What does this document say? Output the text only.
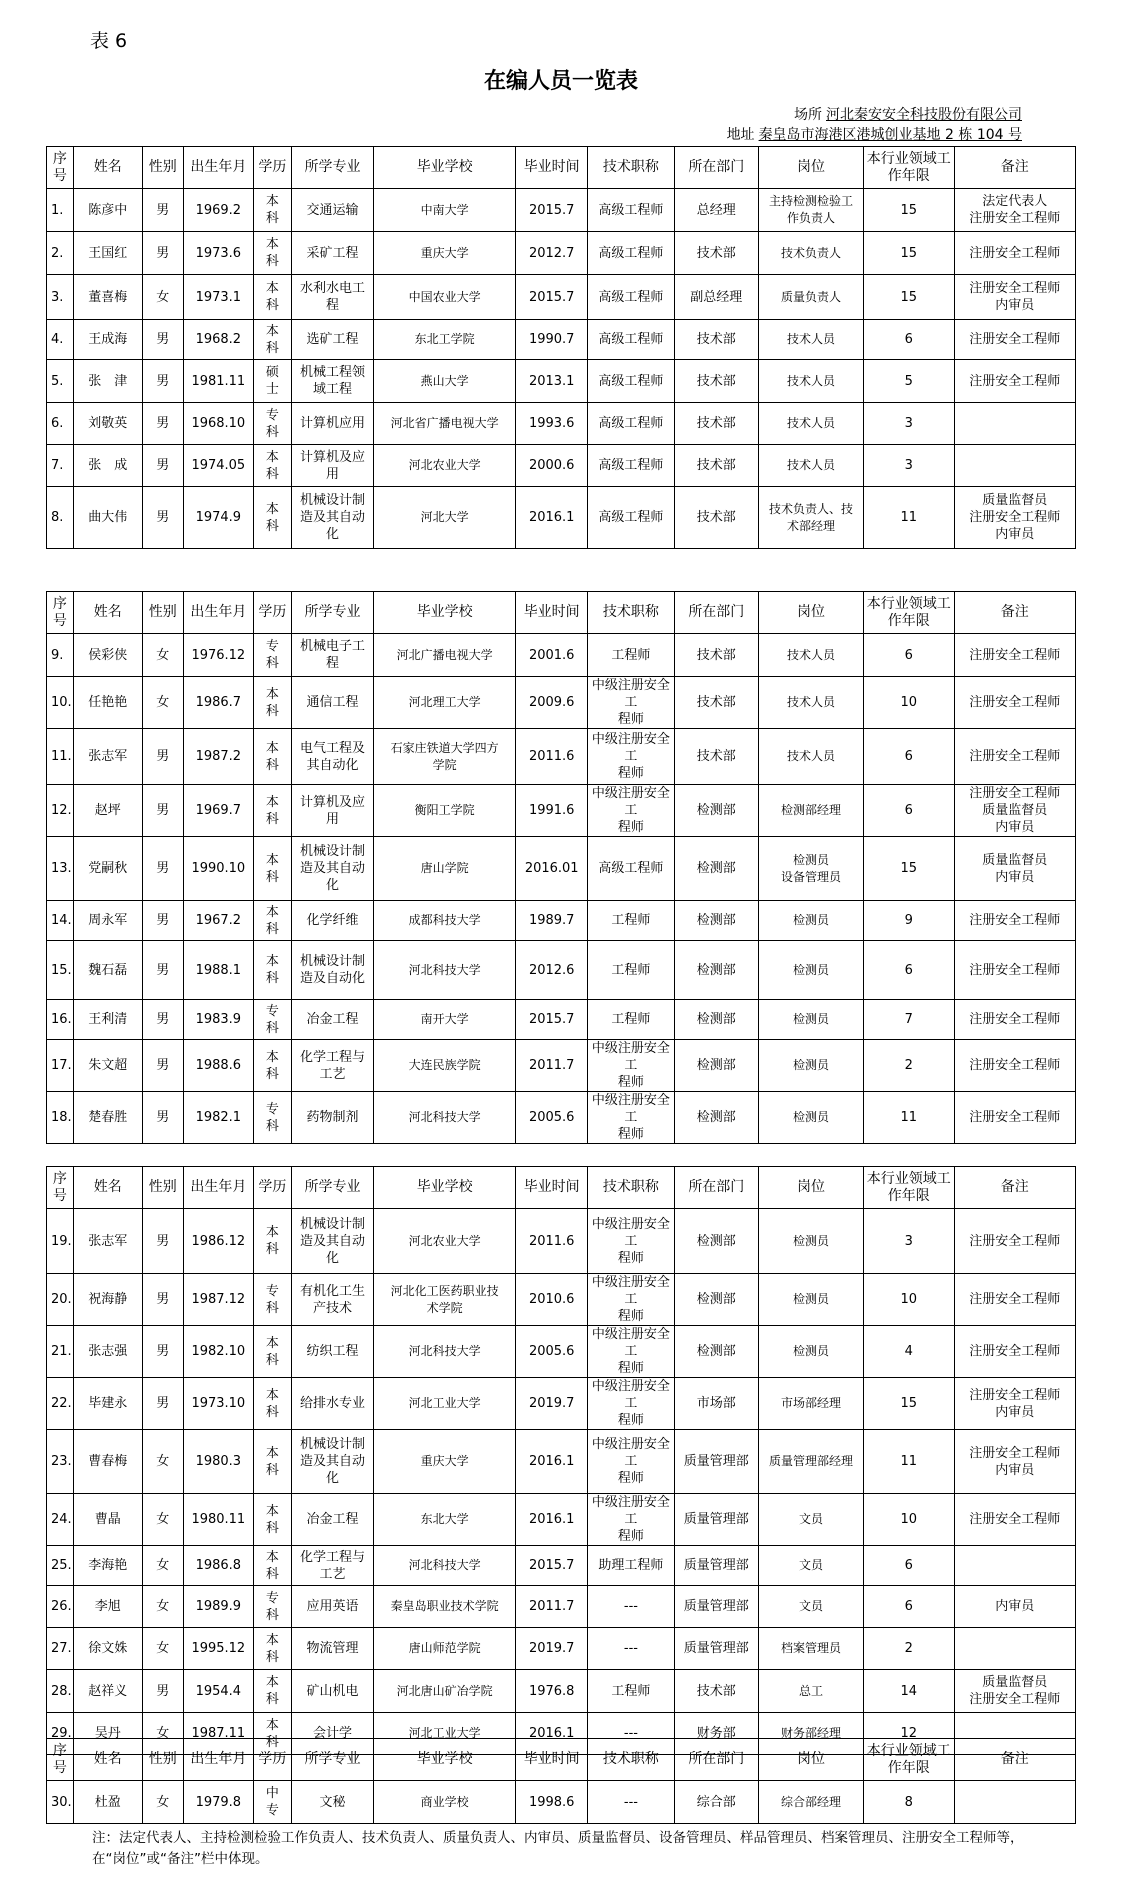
表 6
在编人员一览表
场所 河北秦安安全科技股份有限公司
地址 秦皇岛市海港区港城创业基地 2 栋 104 号
序号	姓名	性别	出生年月	学历	所学专业	毕业学校	毕业时间	技术职称	所在部门	岗位	本行业领域工
作年限	备注
1.	陈彦中	男	1969.2	本
科	交通运输	中南大学	2015.7	高级工程师	总经理	主持检测检验工
作负责人	15	法定代表人
注册安全工程师
2.	王国红	男	1973.6	本
科	采矿工程	重庆大学	2012.7	高级工程师	技术部	技术负责人	15	注册安全工程师
3.	董喜梅	女	1973.1	本
科	水利水电工
程	中国农业大学	2015.7	高级工程师	副总经理	质量负责人	15	注册安全工程师
内审员
4.	王成海	男	1968.2	本
科	选矿工程	东北工学院	1990.7	高级工程师	技术部	技术人员	6	注册安全工程师
5.	张　津	男	1981.11	硕
士	机械工程领
域工程	燕山大学	2013.1	高级工程师	技术部	技术人员	5	注册安全工程师
6.	刘敬英	男	1968.10	专
科	计算机应用	河北省广播电视大学	1993.6	高级工程师	技术部	技术人员	3	
7.	张　成	男	1974.05	本
科	计算机及应
用	河北农业大学	2000.6	高级工程师	技术部	技术人员	3	
8.	曲大伟	男	1974.9	本
科	机械设计制
造及其自动
化	河北大学	2016.1	高级工程师	技术部	技术负责人、技
术部经理	11	质量监督员
注册安全工程师
内审员
序号	姓名	性别	出生年月	学历	所学专业	毕业学校	毕业时间	技术职称	所在部门	岗位	本行业领域工
作年限	备注
9.	侯彩侠	女	1976.12	专
科	机械电子工
程	河北广播电视大学	2001.6	工程师	技术部	技术人员	6	注册安全工程师
10.	任艳艳	女	1986.7	本
科	通信工程	河北理工大学	2009.6	中级注册安全工
程师	技术部	技术人员	10	注册安全工程师
11.	张志军	男	1987.2	本
科	电气工程及
其自动化	石家庄铁道大学四方
学院	2011.6	中级注册安全工
程师	技术部	技术人员	6	注册安全工程师
12.	赵坪	男	1969.7	本
科	计算机及应
用	衡阳工学院	1991.6	中级注册安全工
程师	检测部	检测部经理	6	注册安全工程师
质量监督员
内审员
13.	党嗣秋	男	1990.10	本
科	机械设计制
造及其自动
化	唐山学院	2016.01	高级工程师	检测部	检测员
设备管理员	15	质量监督员
内审员
14.	周永军	男	1967.2	本
科	化学纤维	成都科技大学	1989.7	工程师	检测部	检测员	9	注册安全工程师
15.	魏石磊	男	1988.1	本
科	机械设计制
造及自动化	河北科技大学	2012.6	工程师	检测部	检测员	6	注册安全工程师
16.	王利清	男	1983.9	专
科	冶金工程	南开大学	2015.7	工程师	检测部	检测员	7	注册安全工程师
17.	朱文超	男	1988.6	本
科	化学工程与
工艺	大连民族学院	2011.7	中级注册安全工
程师	检测部	检测员	2	注册安全工程师
18.	楚春胜	男	1982.1	专
科	药物制剂	河北科技大学	2005.6	中级注册安全工
程师	检测部	检测员	11	注册安全工程师
序号	姓名	性别	出生年月	学历	所学专业	毕业学校	毕业时间	技术职称	所在部门	岗位	本行业领域工
作年限	备注
19.	张志军	男	1986.12	本
科	机械设计制
造及其自动
化	河北农业大学	2011.6	中级注册安全工
程师	检测部	检测员	3	注册安全工程师
20.	祝海静	男	1987.12	专
科	有机化工生
产技术	河北化工医药职业技
术学院	2010.6	中级注册安全工
程师	检测部	检测员	10	注册安全工程师
21.	张志强	男	1982.10	本
科	纺织工程	河北科技大学	2005.6	中级注册安全工
程师	检测部	检测员	4	注册安全工程师
22.	毕建永	男	1973.10	本
科	给排水专业	河北工业大学	2019.7	中级注册安全工
程师	市场部	市场部经理	15	注册安全工程师
内审员
23.	曹春梅	女	1980.3	本
科	机械设计制
造及其自动
化	重庆大学	2016.1	中级注册安全工
程师	质量管理部	质量管理部经理	11	注册安全工程师
内审员
24.	曹晶	女	1980.11	本
科	冶金工程	东北大学	2016.1	中级注册安全工
程师	质量管理部	文员	10	注册安全工程师
25.	李海艳	女	1986.8	本
科	化学工程与
工艺	河北科技大学	2015.7	助理工程师	质量管理部	文员	6	
26.	李旭	女	1989.9	专
科	应用英语	秦皇岛职业技术学院	2011.7	---	质量管理部	文员	6	内审员
27.	徐文姝	女	1995.12	本
科	物流管理	唐山师范学院	2019.7	---	质量管理部	档案管理员	2	
28.	赵祥义	男	1954.4	本
科	矿山机电	河北唐山矿冶学院	1976.8	工程师	技术部	总工	14	质量监督员
注册安全工程师
29.	吴丹	女	1987.11	本
科	会计学	河北工业大学	2016.1	---	财务部	财务部经理	12	
序号	姓名	性别	出生年月	学历	所学专业	毕业学校	毕业时间	技术职称	所在部门	岗位	本行业领域工
作年限	备注
30.	杜盈	女	1979.8	中
专	文秘	商业学校	1998.6	---	综合部	综合部经理	8	
注：法定代表人、主持检测检验工作负责人、技术负责人、质量负责人、内审员、质量监督员、设备管理员、样品管理员、档案管理员、注册安全工程师等，在“岗位”或“备注”栏中体现。
